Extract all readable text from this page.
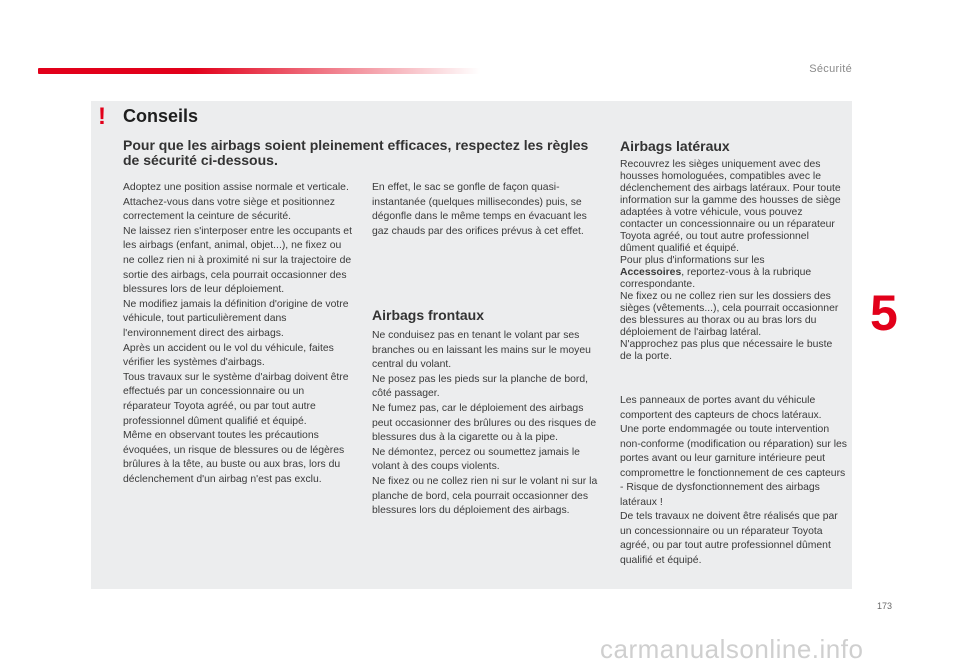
Sécurité
! Conseils
Pour que les airbags soient pleinement efficaces, respectez les règles de sécurité ci-dessous.

Adoptez une position assise normale et verticale.

Attachez-vous dans votre siège et positionnez correctement la ceinture de sécurité.

Ne laissez rien s'interposer entre les occupants et les airbags (enfant, animal, objet...), ne fixez ou ne collez rien ni à proximité ni sur la trajectoire de sortie des airbags, cela pourrait occasionner des blessures lors de leur déploiement.

Ne modifiez jamais la définition d'origine de votre véhicule, tout particulièrement dans l'environnement direct des airbags.

Après un accident ou le vol du véhicule, faites vérifier les systèmes d'airbags.

Tous travaux sur le système d'airbag doivent être effectués par un concessionnaire ou un réparateur Toyota agréé, ou par tout autre professionnel dûment qualifié et équipé.

Même en observant toutes les précautions évoquées, un risque de blessures ou de légères brûlures à la tête, au buste ou aux bras, lors du déclenchement d'un airbag n'est pas exclu.

En effet, le sac se gonfle de façon quasi-instantanée (quelques millisecondes) puis, se dégonfle dans le même temps en évacuant les gaz chauds par des orifices prévus à cet effet.

Airbags frontaux

Ne conduisez pas en tenant le volant par ses branches ou en laissant les mains sur le moyeu central du volant.

Ne posez pas les pieds sur la planche de bord, côté passager.

Ne fumez pas, car le déploiement des airbags peut occasionner des brûlures ou des risques de blessures dus à la cigarette ou à la pipe.

Ne démontez, percez ou soumettez jamais le volant à des coups violents.

Ne fixez ou ne collez rien ni sur le volant ni sur la planche de bord, cela pourrait occasionner des blessures lors du déploiement des airbags.

Airbags latéraux

Recouvrez les sièges uniquement avec des housses homologuées, compatibles avec le déclenchement des airbags latéraux. Pour toute information sur la gamme des housses de siège adaptées à votre véhicule, vous pouvez contacter un concessionnaire ou un réparateur Toyota agréé, ou tout autre professionnel dûment qualifié et équipé.

Pour plus d'informations sur les
Accessoires, reportez-vous à la rubrique correspondante.

Ne fixez ou ne collez rien sur les dossiers des sièges (vêtements...), cela pourrait occasionner des blessures au thorax ou au bras lors du déploiement de l'airbag latéral.

N'approchez pas plus que nécessaire le buste de la porte.

Les panneaux de portes avant du véhicule comportent des capteurs de chocs latéraux.

Une porte endommagée ou toute intervention non-conforme (modification ou réparation) sur les portes avant ou leur garniture intérieure peut compromettre le fonctionnement de ces capteurs - Risque de dysfonctionnement des airbags latéraux !

De tels travaux ne doivent être réalisés que par un concessionnaire ou un réparateur Toyota agréé, ou par tout autre professionnel dûment qualifié et équipé.

5
173
carmanualsonline.info
